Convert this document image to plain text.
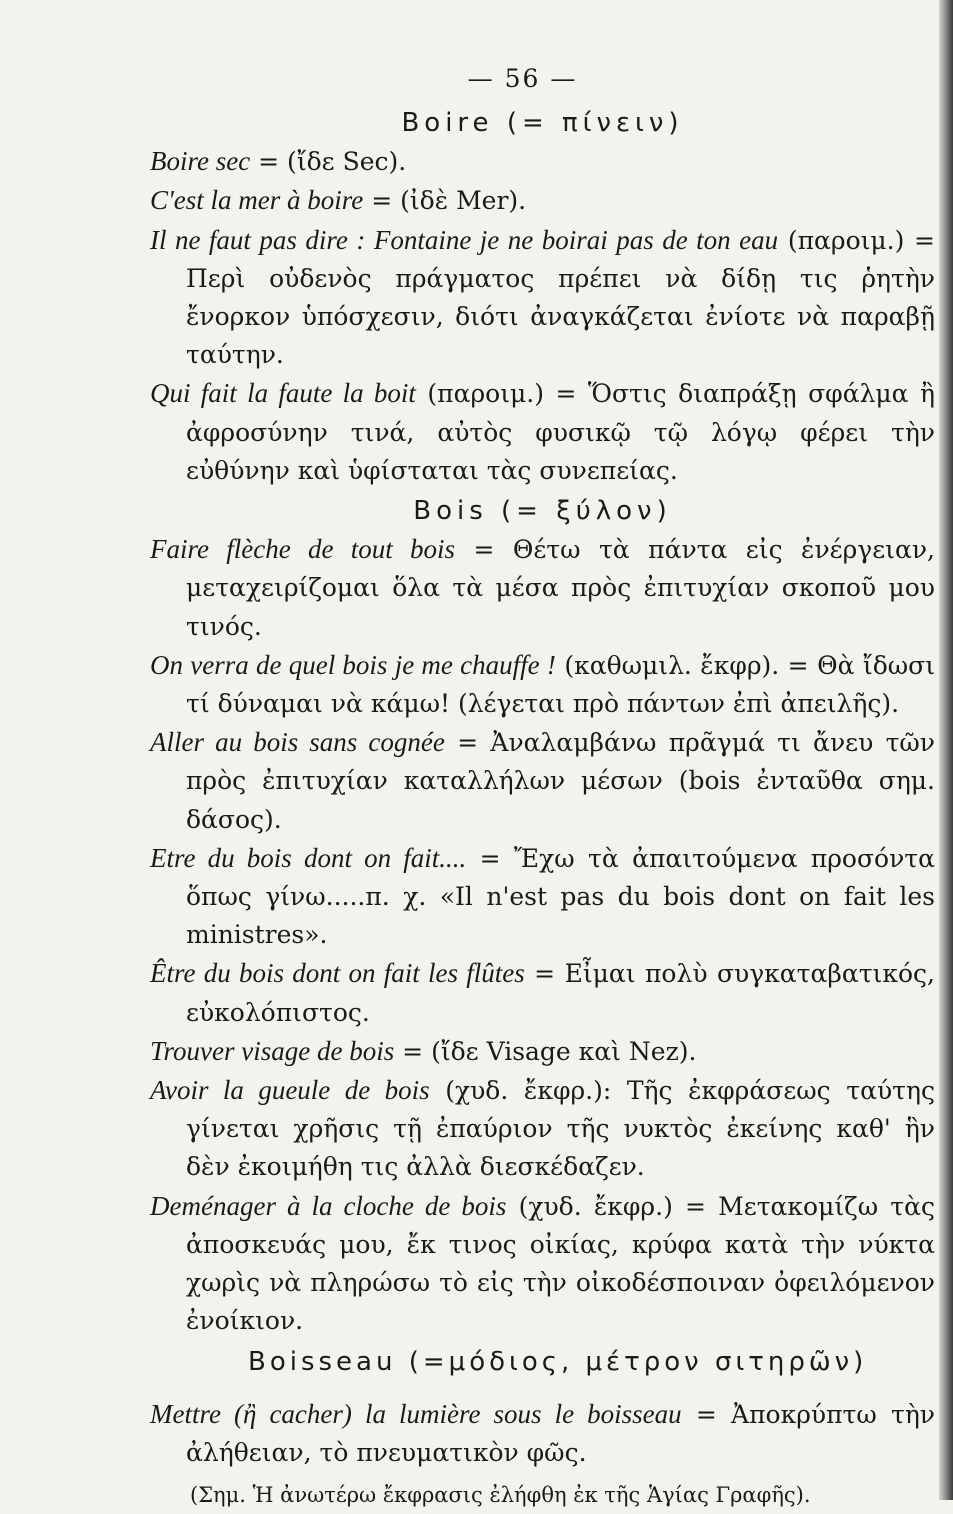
— 56 —
Boire (= πίνειν)

Boire sec = (ἴδε Sec).

C'est la mer à boire = (ἰδὲ Mer).

Il ne faut pas dire : Fontaine je ne boirai pas de ton eau (παροιμ.) = Περὶ οὐδενὸς πράγματος πρέπει νὰ δίδῃ τις ῥητὴν ἔνορκον ὑπόσχεσιν, διότι ἀναγκάζεται ἐνίοτε νὰ παραβῇ ταύτην.

Qui fait la faute la boit (παροιμ.) = Ὅστις διαπράξῃ σφάλμα ἢ ἀφροσύνην τινά, αὐτὸς φυσικῷ τῷ λόγῳ φέρει τὴν εὐθύνην καὶ ὑφίσταται τὰς συνεπείας.

Bois (= ξύλον)

Faire flèche de tout bois = Θέτω τὰ πάντα εἰς ἐνέργειαν, μεταχειρίζομαι ὅλα τὰ μέσα πρὸς ἐπιτυχίαν σκοποῦ μου τινός.

On verra de quel bois je me chauffe ! (καθωμιλ. ἔκφρ). = Θὰ ἴδωσι τί δύναμαι νὰ κάμω! (λέγεται πρὸ πάντων ἐπὶ ἀπειλῆς).

Aller au bois sans cognée = Ἀναλαμβάνω πρᾶγμά τι ἄνευ τῶν πρὸς ἐπιτυχίαν καταλλήλων μέσων (bois ἐνταῦθα σημ. δάσος).

Etre du bois dont on fait.... = Ἔχω τὰ ἀπαιτούμενα προσόντα ὅπως γίνω.....π. χ. «Il n'est pas du bois dont on fait les ministres».

Être du bois dont on fait les flûtes = Εἶμαι πολὺ συγκαταβατικός, εὐκολόπιστος.

Trouver visage de bois = (ἴδε Visage καὶ Nez).

Avoir la gueule de bois (χυδ. ἔκφρ.): Τῆς ἐκφράσεως ταύτης γίνεται χρῆσις τῇ ἐπαύριον τῆς νυκτὸς ἐκείνης καθ' ἣν δὲν ἐκοιμήθη τις ἀλλὰ διεσκέδαζεν.

Deménager à la cloche de bois (χυδ. ἔκφρ.) = Μετακομίζω τὰς ἀποσκευάς μου, ἔκ τινος οἰκίας, κρύφα κατὰ τὴν νύκτα χωρὶς νὰ πληρώσω τὸ εἰς τὴν οἰκοδέσποιναν ὀφειλόμενον ἐνοίκιον.

Boisseau (=μόδιος, μέτρον σιτηρῶν)

Mettre (ἢ cacher) la lumière sous le boisseau = Ἀποκρύπτω τὴν ἀλήθειαν, τὸ πνευματικὸν φῶς.

(Σημ. Ἡ ἀνωτέρω ἔκφρασις ἐλήφθη ἐκ τῆς Ἁγίας Γραφῆς).
